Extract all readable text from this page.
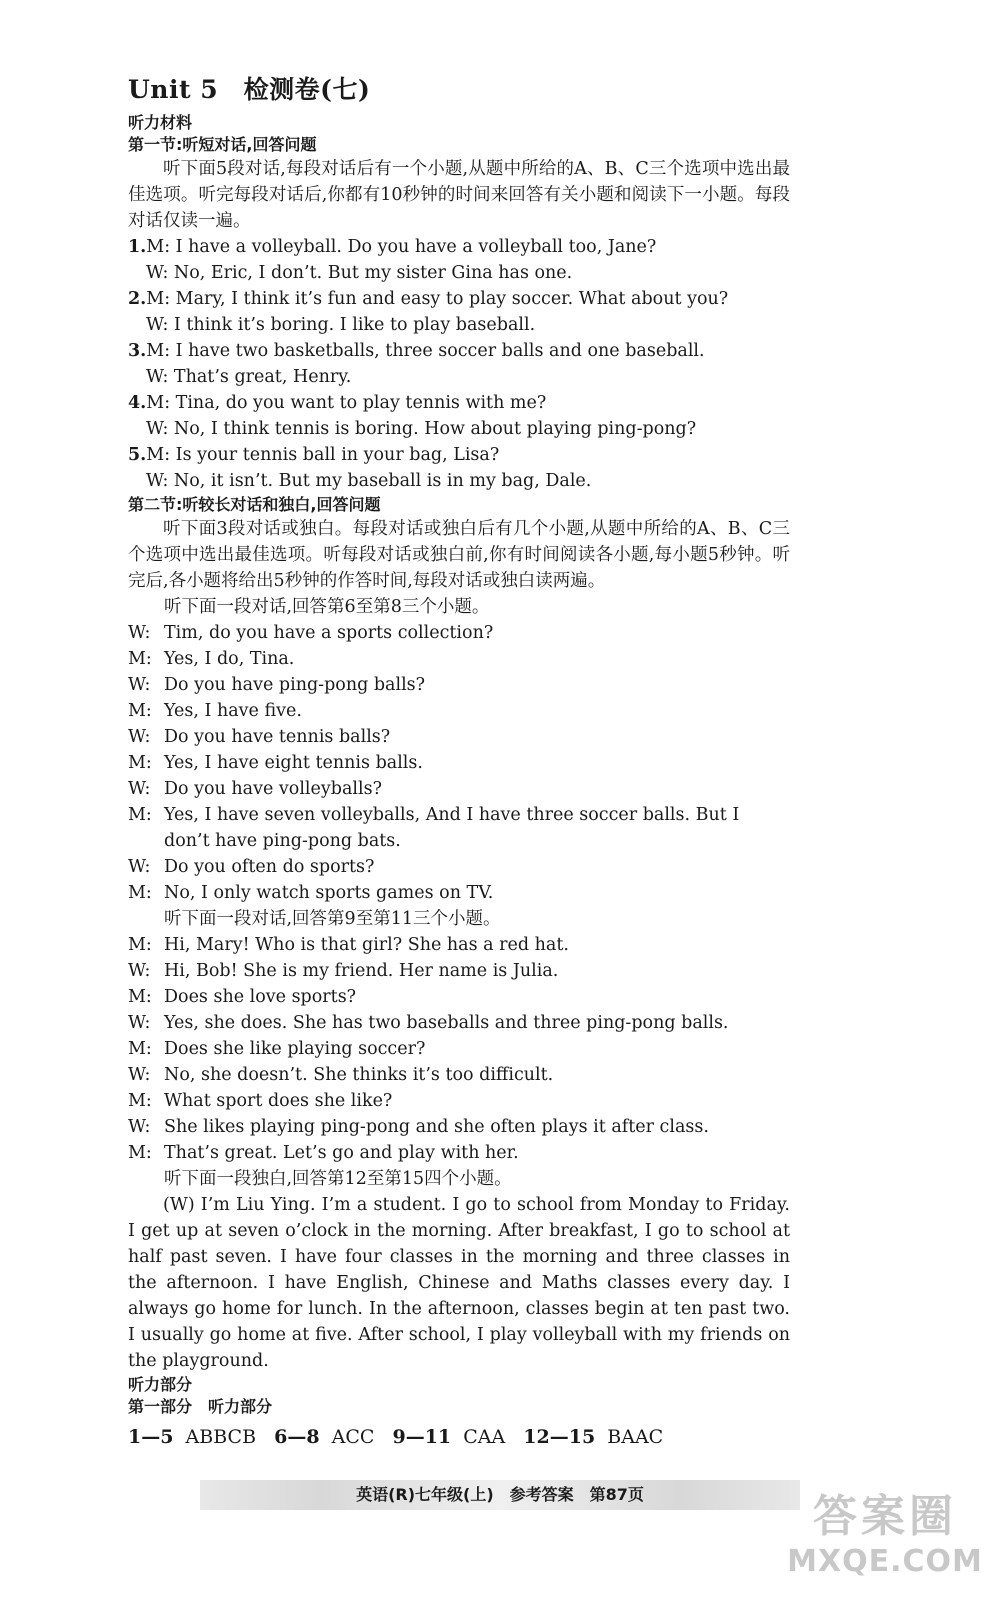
Unit 5　检测卷(七)
听力材料
第一节:听短对话,回答问题
听下面5段对话,每段对话后有一个小题,从题中所给的A、B、C三个选项中选出最佳选项。听完每段对话后,你都有10秒钟的时间来回答有关小题和阅读下一小题。每段对话仅读一遍。
1.M: I have a volleyball. Do you have a volleyball too, Jane?
W: No, Eric, I don’t. But my sister Gina has one.
2.M: Mary, I think it’s fun and easy to play soccer. What about you?
W: I think it’s boring. I like to play baseball.
3.M: I have two basketballs, three soccer balls and one baseball.
W: That’s great, Henry.
4.M: Tina, do you want to play tennis with me?
W: No, I think tennis is boring. How about playing ping-pong?
5.M: Is your tennis ball in your bag, Lisa?
W: No, it isn’t. But my baseball is in my bag, Dale.
第二节:听较长对话和独白,回答问题
听下面3段对话或独白。每段对话或独白后有几个小题,从题中所给的A、B、C三个选项中选出最佳选项。听每段对话或独白前,你有时间阅读各小题,每小题5秒钟。听完后,各小题将给出5秒钟的作答时间,每段对话或独白读两遍。
听下面一段对话,回答第6至第8三个小题。
W: Tim, do you have a sports collection?
M: Yes, I do, Tina.
W: Do you have ping-pong balls?
M: Yes, I have five.
W: Do you have tennis balls?
M: Yes, I have eight tennis balls.
W: Do you have volleyballs?
M: Yes, I have seven volleyballs, And I have three soccer balls. But I don’t have ping-pong bats.
W: Do you often do sports?
M: No, I only watch sports games on TV.
听下面一段对话,回答第9至第11三个小题。
M: Hi, Mary! Who is that girl? She has a red hat.
W: Hi, Bob! She is my friend. Her name is Julia.
M: Does she love sports?
W: Yes, she does. She has two baseballs and three ping-pong balls.
M: Does she like playing soccer?
W: No, she doesn’t. She thinks it’s too difficult.
M: What sport does she like?
W: She likes playing ping-pong and she often plays it after class.
M: That’s great. Let’s go and play with her.
听下面一段独白,回答第12至第15四个小题。
(W) I’m Liu Ying. I’m a student. I go to school from Monday to Friday. I get up at seven o’clock in the morning. After breakfast, I go to school at half past seven. I have four classes in the morning and three classes in the afternoon. I have English, Chinese and Maths classes every day. I always go home for lunch. In the afternoon, classes begin at ten past two. I usually go home at five. After school, I play volleyball with my friends on the playground.
听力部分
第一部分　听力部分
1—5 ABBCB 6—8 ACC 9—11 CAA 12—15 BAAC
英语(R)七年级(上)　参考答案　第87页	答案圈
MXQE.COM
